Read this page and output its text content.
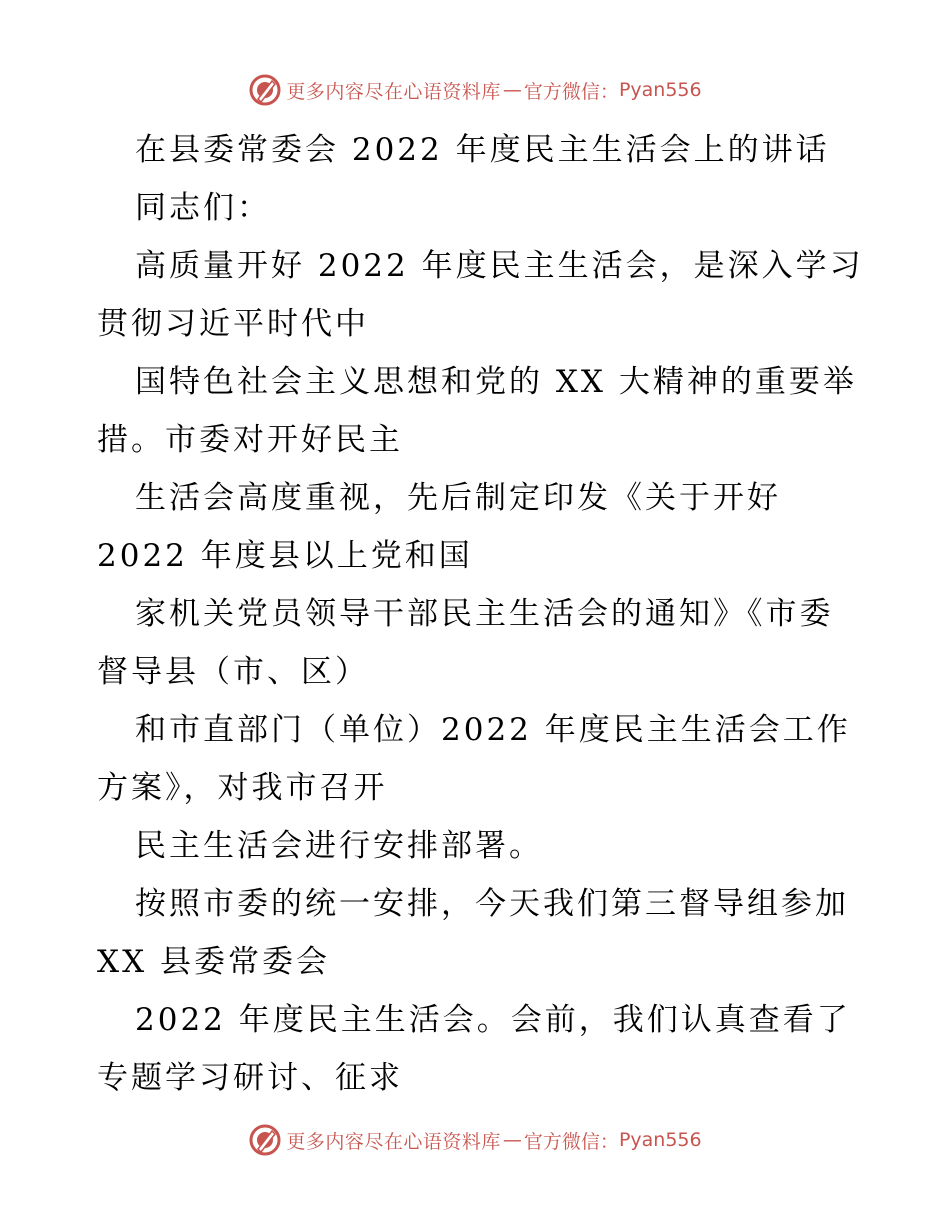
更多内容尽在心语资料库 — 官方微信： Pyan556
在县委常委会 2022 年度民主生活会上的讲话
同志们：
高质量开好 2022 年度民主生活会，是深入学习
贯彻习近平时代中
国特色社会主义思想和党的 XX 大精神的重要举
措。市委对开好民主
生活会高度重视，先后制定印发《关于开好
2022 年度县以上党和国
家机关党员领导干部民主生活会的通知》《市委
督导县（市、区）
和市直部门（单位）2022 年度民主生活会工作
方案》，对我市召开
民主生活会进行安排部署。
按照市委的统一安排，今天我们第三督导组参加
XX 县委常委会
2022 年度民主生活会。会前，我们认真查看了
专题学习研讨、征求
更多内容尽在心语资料库 — 官方微信： Pyan556
